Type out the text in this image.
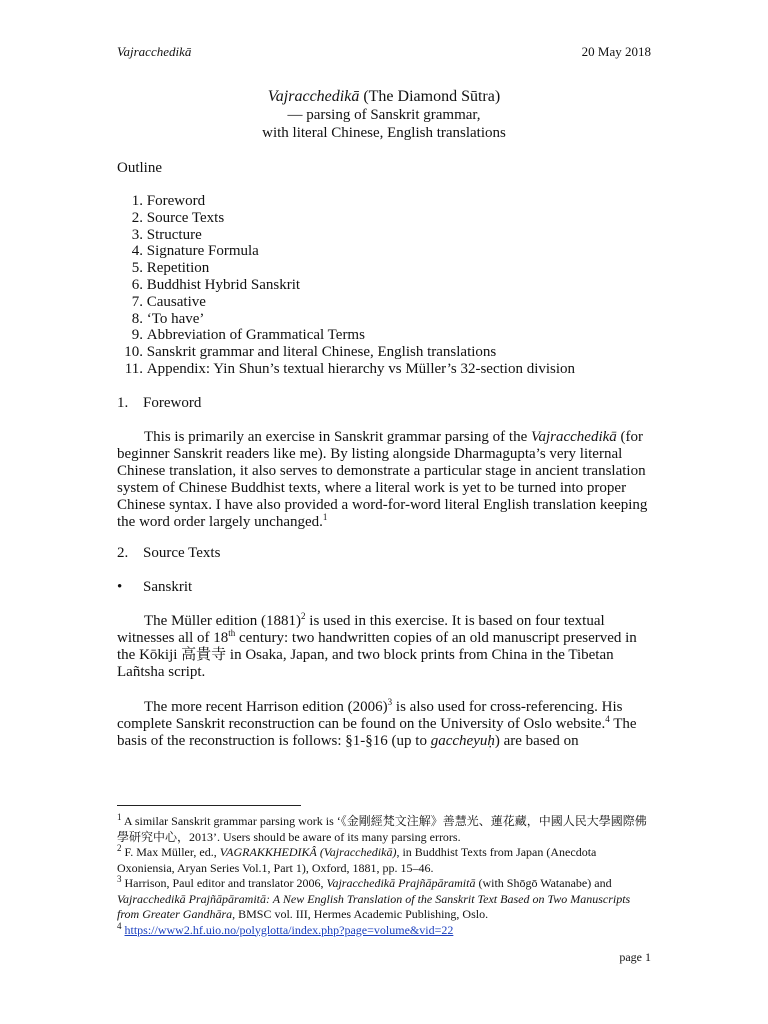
Vajracchedikā	20 May 2018
Vajracchedikā (The Diamond Sūtra)
— parsing of Sanskrit grammar,
with literal Chinese, English translations
Outline
1.
Foreword
2.
Source Texts
3.
Structure
4.
Signature Formula
5.
Repetition
6.
Buddhist Hybrid Sanskrit
7.
Causative
8.
‘To have’
9.
Abbreviation of Grammatical Terms
10.
Sanskrit grammar and literal Chinese, English translations
11.
Appendix: Yin Shun’s textual hierarchy vs Müller’s 32-section division
1. Foreword
This is primarily an exercise in Sanskrit grammar parsing of the Vajracchedikā (for beginner Sanskrit readers like me). By listing alongside Dharmagupta’s very liternal Chinese translation, it also serves to demonstrate a particular stage in ancient translation system of Chinese Buddhist texts, where a literal work is yet to be turned into proper Chinese syntax. I have also provided a word-for-word literal English translation keeping the word order largely unchanged.$^1$
2. Source Texts
•	Sanskrit
The Müller edition $(1881)^2$ is used in this exercise. It is based on four textual witnesses all of 18th century: two handwritten copies of an old manuscript preserved in the Kōkiji 高貴寺 in Osaka, Japan, and two block prints from China in the Tibetan Lañtsha script.
The more recent Harrison edition $(2006)^3$ is also used for cross-referencing. His complete Sanskrit reconstruction can be found on the University of Oslo website.$^4$ The basis of the reconstruction is follows: §1-§16 (up to gaccheyuḥ) are based on

$^1$ A similar Sanskrit grammar parsing work is ‘《金剛經梵文注解》善慧光、蓮花藏，中國人民大學國際佛學研究中心，2013’. Users should be aware of its many parsing errors.

$^2$ F. Max Müller, ed., VAGRAKKHEDIKÂ (Vajracchedikā), in Buddhist Texts from Japan (Anecdota Oxoniensia, Aryan Series Vol.1, Part 1), Oxford, 1881, pp. 15–46.

$^3$ Harrison, Paul editor and translator 2006, Vajracchedikā Prajñāpāramitā (with Shōgō Watanabe) and Vajracchedikā Prajñāpāramitā: A New English Translation of the Sanskrit Text Based on Two Manuscripts from Greater Gandhāra, BMSC vol. III, Hermes Academic Publishing, Oslo.

$^4$ https://www2.hf.uio.no/polyglotta/index.php?page=volume&vid=22

page 1
